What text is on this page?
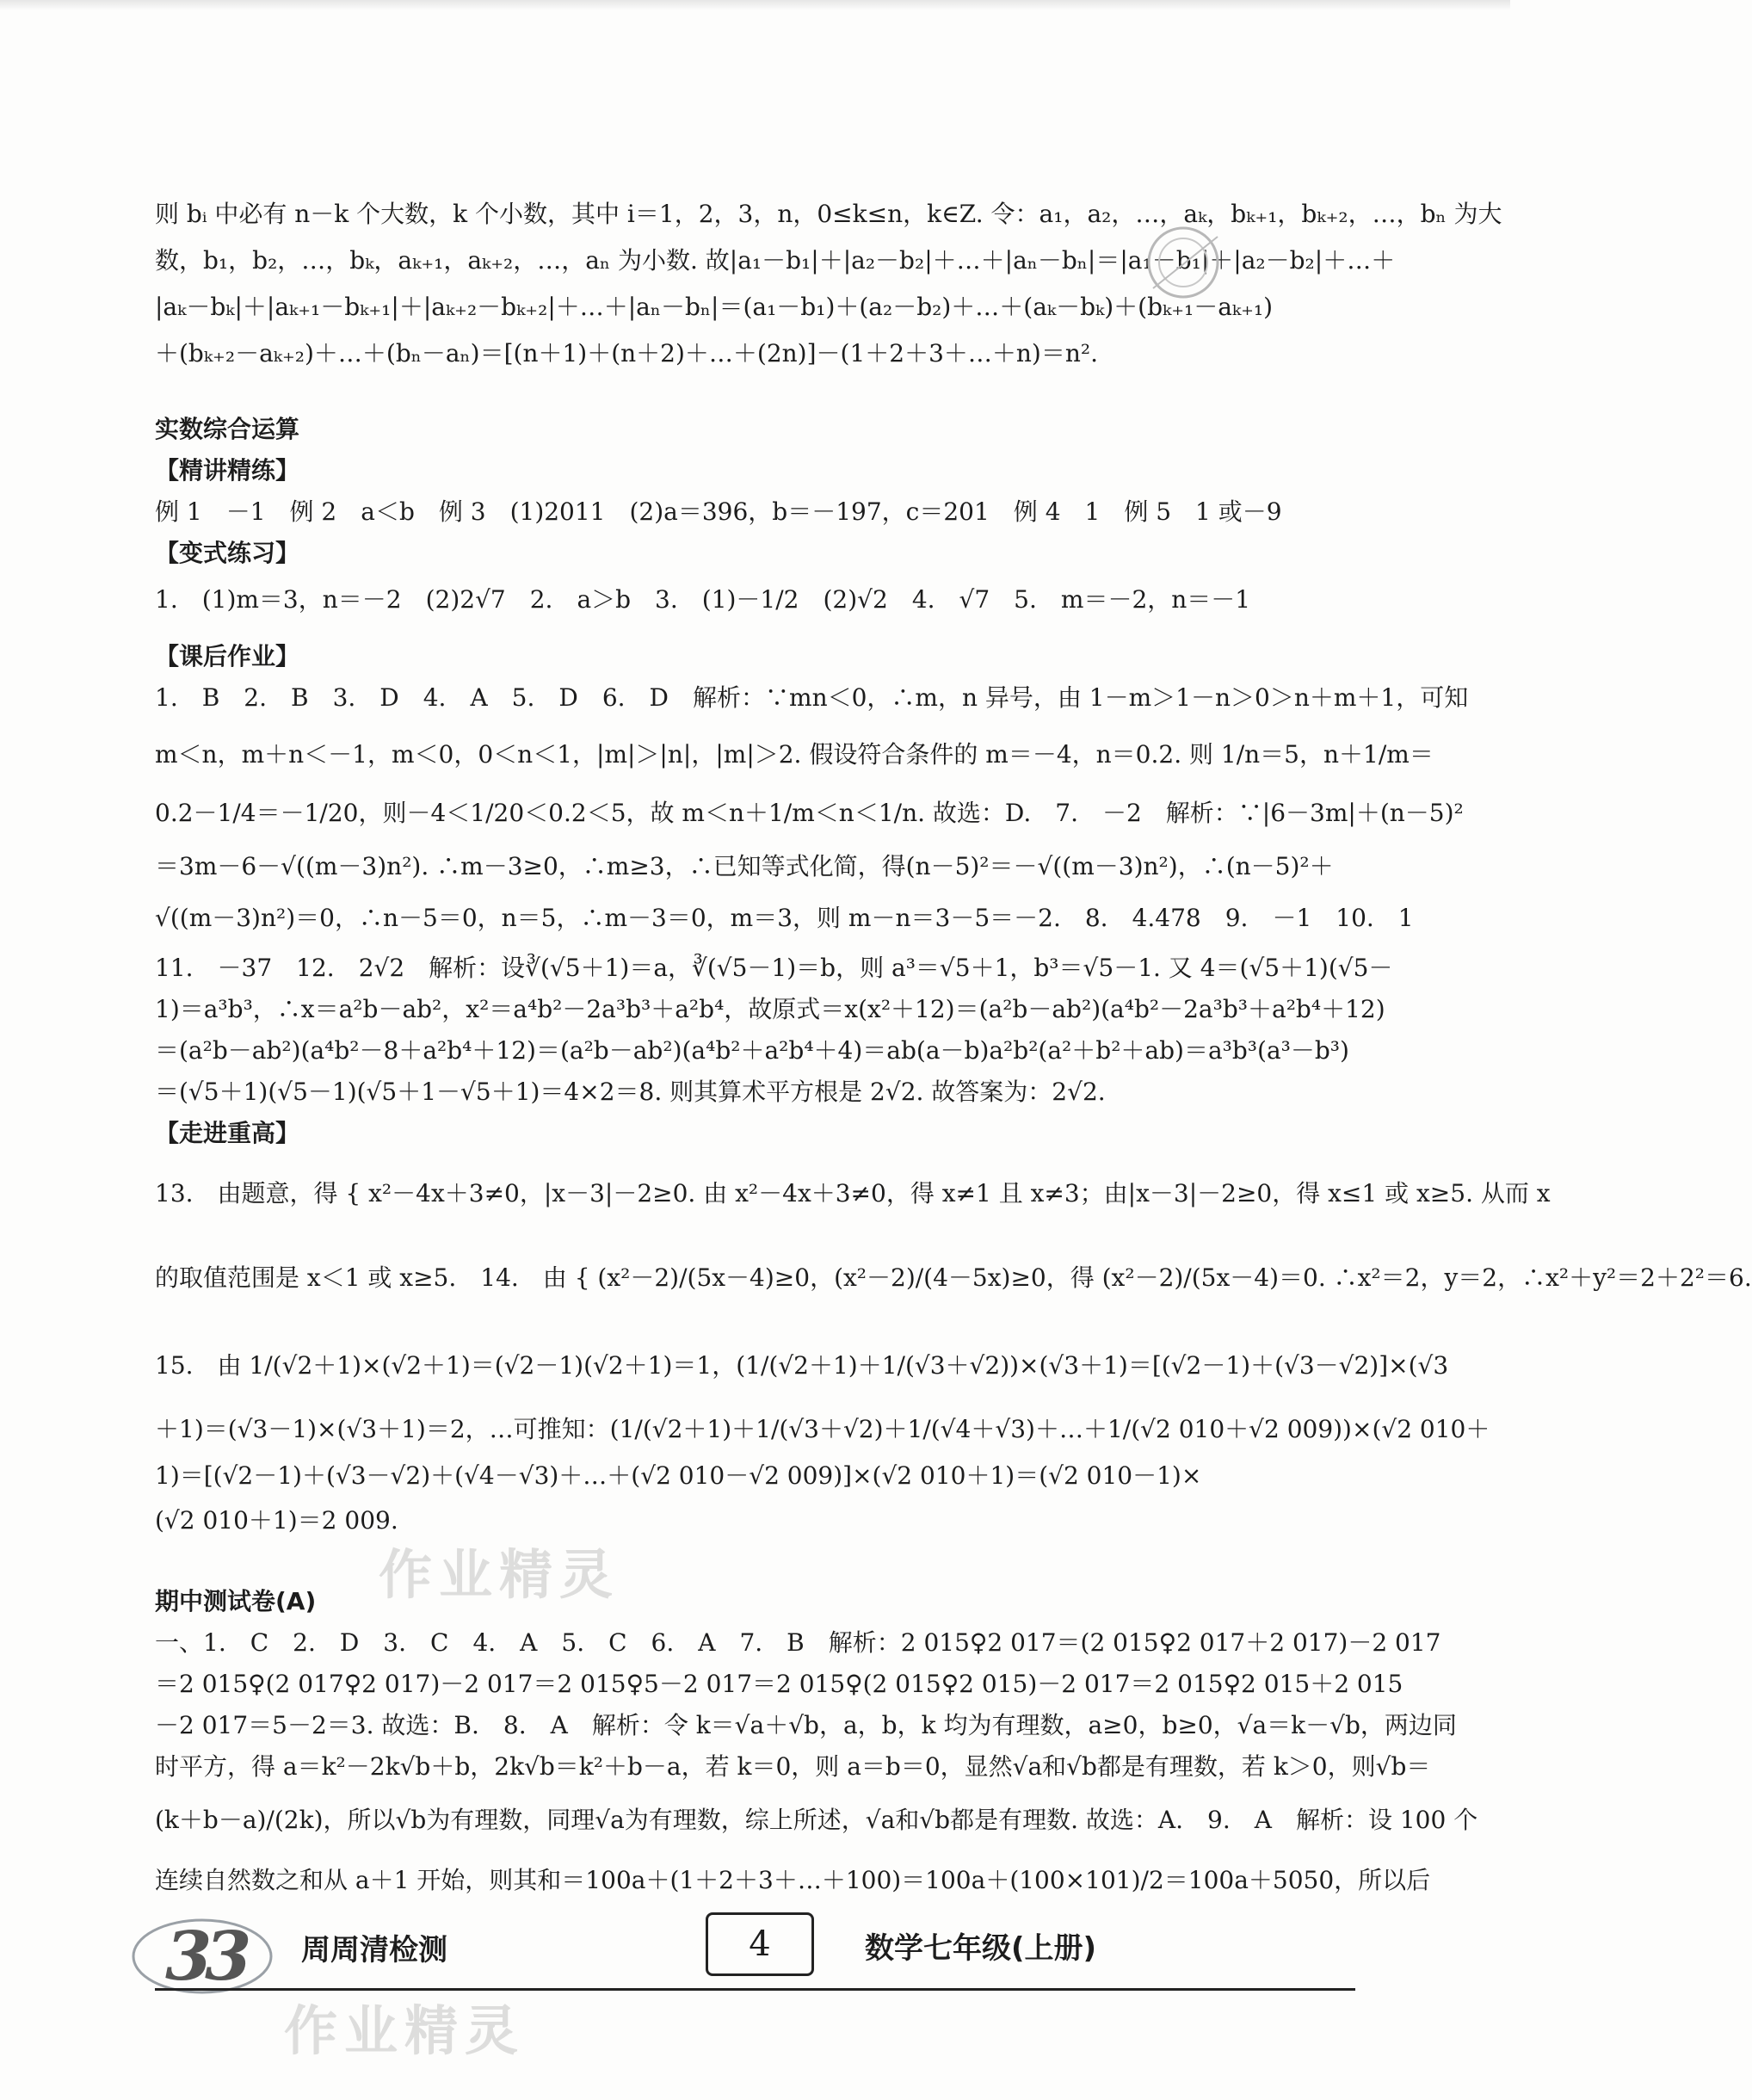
则 bᵢ 中必有 n－k 个大数，k 个小数，其中 i＝1，2，3，n，0≤k≤n，k∈Z. 令：a₁，a₂，…，aₖ，bₖ₊₁，bₖ₊₂，…，bₙ 为大
数，b₁，b₂，…，bₖ，aₖ₊₁，aₖ₊₂，…，aₙ 为小数. 故|a₁－b₁|＋|a₂－b₂|＋…＋|aₙ－bₙ|＝|a₁－b₁|＋|a₂－b₂|＋…＋
|aₖ－bₖ|＋|aₖ₊₁－bₖ₊₁|＋|aₖ₊₂－bₖ₊₂|＋…＋|aₙ－bₙ|＝(a₁－b₁)＋(a₂－b₂)＋…＋(aₖ－bₖ)＋(bₖ₊₁－aₖ₊₁)
＋(bₖ₊₂－aₖ₊₂)＋…＋(bₙ－aₙ)＝[(n＋1)＋(n＋2)＋…＋(2n)]－(1＋2＋3＋…＋n)＝n².
实数综合运算
【精讲精练】
例 1　－1　例 2　a＜b　例 3　(1)2011　(2)a＝396，b＝－197，c＝201　例 4　1　例 5　1 或－9
【变式练习】
1.　(1)m＝3，n＝－2　(2)2√7　2.　a＞b　3.　(1)－1/2　(2)√2　4.　√7　5.　m＝－2，n＝－1
【课后作业】
1.　B　2.　B　3.　D　4.　A　5.　D　6.　D　解析：∵mn＜0，∴m，n 异号，由 1－m＞1－n＞0＞n＋m＋1，可知
m＜n，m＋n＜－1，m＜0，0＜n＜1，|m|＞|n|，|m|＞2. 假设符合条件的 m＝－4，n＝0.2. 则 1/n＝5，n＋1/m＝
0.2－1/4＝－1/20，则－4＜1/20＜0.2＜5，故 m＜n＋1/m＜n＜1/n. 故选：D.　7.　－2　解析：∵|6－3m|＋(n－5)²
＝3m－6－√((m－3)n²). ∴m－3≥0，∴m≥3，∴已知等式化简，得(n－5)²＝－√((m－3)n²)，∴(n－5)²＋
√((m－3)n²)＝0，∴n－5＝0，n＝5，∴m－3＝0，m＝3，则 m－n＝3－5＝－2.　8.　4.478　9.　－1　10.　1
11.　－37　12.　2√2　解析：设∛(√5＋1)＝a，∛(√5－1)＝b，则 a³＝√5＋1，b³＝√5－1. 又 4＝(√5＋1)(√5－
1)＝a³b³，∴x＝a²b－ab²，x²＝a⁴b²－2a³b³＋a²b⁴，故原式＝x(x²＋12)＝(a²b－ab²)(a⁴b²－2a³b³＋a²b⁴＋12)
＝(a²b－ab²)(a⁴b²－8＋a²b⁴＋12)＝(a²b－ab²)(a⁴b²＋a²b⁴＋4)＝ab(a－b)a²b²(a²＋b²＋ab)＝a³b³(a³－b³)
＝(√5＋1)(√5－1)(√5＋1－√5＋1)＝4×2＝8. 则其算术平方根是 2√2. 故答案为：2√2.
【走进重高】
13.　由题意，得 { x²－4x＋3≠0，|x－3|－2≥0. 由 x²－4x＋3≠0，得 x≠1 且 x≠3；由|x－3|－2≥0，得 x≤1 或 x≥5. 从而 x
的取值范围是 x＜1 或 x≥5.　14.　由 { (x²－2)/(5x－4)≥0，(x²－2)/(4－5x)≥0，得 (x²－2)/(5x－4)＝0. ∴x²＝2，y＝2，∴x²＋y²＝2＋2²＝6.
15.　由 1/(√2＋1)×(√2＋1)＝(√2－1)(√2＋1)＝1，(1/(√2＋1)＋1/(√3＋√2))×(√3＋1)＝[(√2－1)＋(√3－√2)]×(√3
＋1)＝(√3－1)×(√3＋1)＝2，…可推知：(1/(√2＋1)＋1/(√3＋√2)＋1/(√4＋√3)＋…＋1/(√2 010＋√2 009))×(√2 010＋
1)＝[(√2－1)＋(√3－√2)＋(√4－√3)＋…＋(√2 010－√2 009)]×(√2 010＋1)＝(√2 010－1)×
(√2 010＋1)＝2 009.
期中测试卷(A)
一、1.　C　2.　D　3.　C　4.　A　5.　C　6.　A　7.　B　解析：2 015♀2 017＝(2 015♀2 017＋2 017)－2 017
＝2 015♀(2 017♀2 017)－2 017＝2 015♀5－2 017＝2 015♀(2 015♀2 015)－2 017＝2 015♀2 015＋2 015
－2 017＝5－2＝3. 故选：B.　8.　A　解析：令 k＝√a＋√b，a，b，k 均为有理数，a≥0，b≥0，√a＝k－√b，两边同
时平方，得 a＝k²－2k√b＋b，2k√b＝k²＋b－a，若 k＝0，则 a＝b＝0，显然√a和√b都是有理数，若 k＞0，则√b＝
(k＋b－a)/(2k)，所以√b为有理数，同理√a为有理数，综上所述，√a和√b都是有理数. 故选：A.　9.　A　解析：设 100 个
连续自然数之和从 a＋1 开始，则其和＝100a＋(1＋2＋3＋…＋100)＝100a＋(100×101)/2＝100a＋5050，所以后
作业精灵
作业精灵
3
3 周周清检测	4	数学七年级(上册)
